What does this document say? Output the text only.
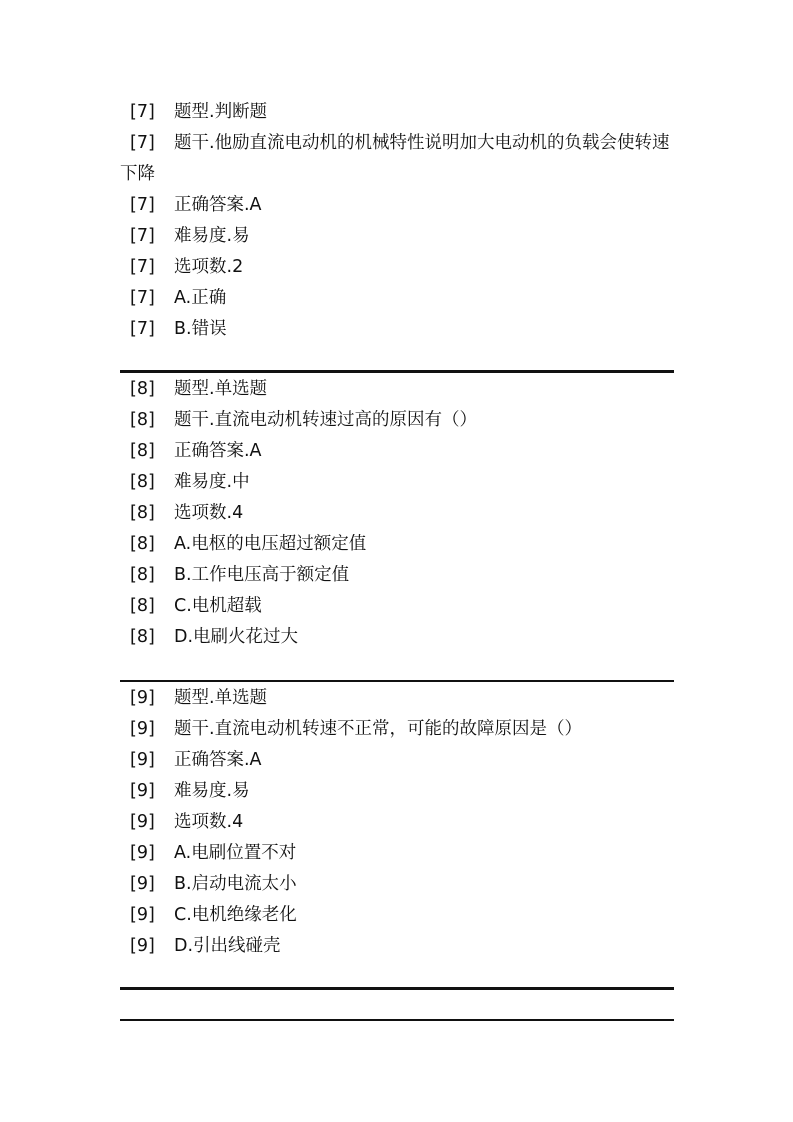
[7] 题型.判断题
[7]	题干.他励直流电动机的机械特性说明加大电动机的负载会使转速下降
[7] 正确答案.A
[7] 难易度.易
[7] 选项数.2
[7] A.正确
[7] B.错误
[8] 题型.单选题
[8] 题干.直流电动机转速过高的原因有（）
[8] 正确答案.A
[8] 难易度.中
[8] 选项数.4
[8] A.电枢的电压超过额定值
[8] B.工作电压高于额定值
[8] C.电机超载
[8] D.电刷火花过大
[9] 题型.单选题
[9] 题干.直流电动机转速不正常，可能的故障原因是（）
[9] 正确答案.A
[9] 难易度.易
[9] 选项数.4
[9] A.电刷位置不对
[9] B.启动电流太小
[9] C.电机绝缘老化
[9] D.引出线碰壳
